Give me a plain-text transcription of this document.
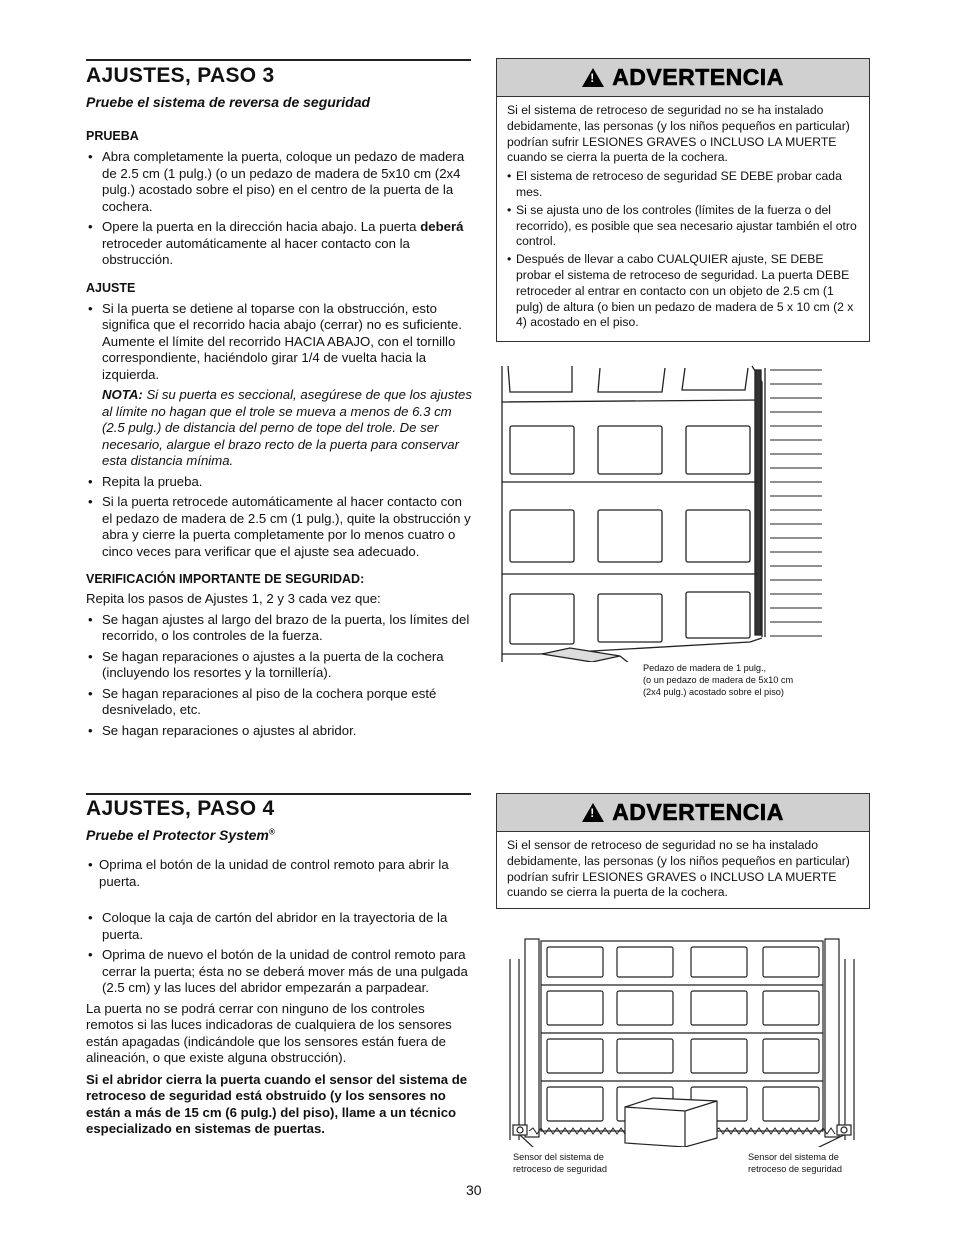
AJUSTES, PASO 3

Pruebe el sistema de reversa de seguridad

PRUEBA

• Abra completamente la puerta, coloque un pedazo de madera de 2.5 cm (1 pulg.) (o un pedazo de madera de 5x10 cm (2x4 pulg.) acostado sobre el piso) en el centro de la puerta de la cochera.
• Opere la puerta en la dirección hacia abajo. La puerta deberá retroceder automáticamente al hacer contacto con la obstrucción.

AJUSTE

• Si la puerta se detiene al toparse con la obstrucción, esto significa que el recorrido hacia abajo (cerrar) no es suficiente. Aumente el límite del recorrido HACIA ABAJO, con el tornillo correspondiente, haciéndolo girar 1/4 de vuelta hacia la izquierda.

NOTA: Si su puerta es seccional, asegúrese de que los ajustes al límite no hagan que el trole se mueva a menos de 6.3 cm (2.5 pulg.) de distancia del perno de tope del trole. De ser necesario, alargue el brazo recto de la puerta para conservar esta distancia mínima.

• Repita la prueba.
• Si la puerta retrocede automáticamente al hacer contacto con el pedazo de madera de 2.5 cm (1 pulg.), quite la obstrucción y abra y cierre la puerta completamente por lo menos cuatro o cinco veces para verificar que el ajuste sea adecuado.

VERIFICACIÓN IMPORTANTE DE SEGURIDAD:

Repita los pasos de Ajustes 1, 2 y 3 cada vez que:

• Se hagan ajustes al largo del brazo de la puerta, los límites del recorrido, o los controles de la fuerza.
• Se hagan reparaciones o ajustes a la puerta de la cochera (incluyendo los resortes y la tornillería).
• Se hagan reparaciones al piso de la cochera porque esté desnivelado, etc.
• Se hagan reparaciones o ajustes al abridor.
! ADVERTENCIA

Si el sistema de retroceso de seguridad no se ha instalado debidamente, las personas (y los niños pequeños en particular) podrían sufrir LESIONES GRAVES o INCLUSO LA MUERTE cuando se cierra la puerta de la cochera.

• El sistema de retroceso de seguridad SE DEBE probar cada mes.
• Si se ajusta uno de los controles (límites de la fuerza o del recorrido), es posible que sea necesario ajustar también el otro control.
• Después de llevar a cabo CUALQUIER ajuste, SE DEBE probar el sistema de retroceso de seguridad. La puerta DEBE retroceder al entrar en contacto con un objeto de 2.5 cm (1 pulg) de altura (o bien un pedazo de madera de 5 x 10 cm (2 x 4) acostado en el piso.
Pedazo de madera de 1 pulg.,
(o un pedazo de madera de 5x10 cm
(2x4 pulg.) acostado sobre el piso)
AJUSTES, PASO 4

Pruebe el Protector System®

• Oprima el botón de la unidad de control remoto para abrir la puerta.
• Coloque la caja de cartón del abridor en la trayectoria de la puerta.
• Oprima de nuevo el botón de la unidad de control remoto para cerrar la puerta; ésta no se deberá mover más de una pulgada (2.5 cm) y las luces del abridor empezarán a parpadear.

La puerta no se podrá cerrar con ninguno de los controles remotos si las luces indicadoras de cualquiera de los sensores están apagadas (indicándole que los sensores están fuera de alineación, o que existe alguna obstrucción).

Si el abridor cierra la puerta cuando el sensor del sistema de retroceso de seguridad está obstruido (y los sensores no están a más de 15 cm (6 pulg.) del piso), llame a un técnico especializado en sistemas de puertas.

! ADVERTENCIA

Si el sensor de retroceso de seguridad no se ha instalado debidamente, las personas (y los niños pequeños en particular) podrían sufrir LESIONES GRAVES o INCLUSO LA MUERTE cuando se cierra la puerta de la cochera.

Sensor del sistema de
retroceso de seguridad
Sensor del sistema de
retroceso de seguridad
30
